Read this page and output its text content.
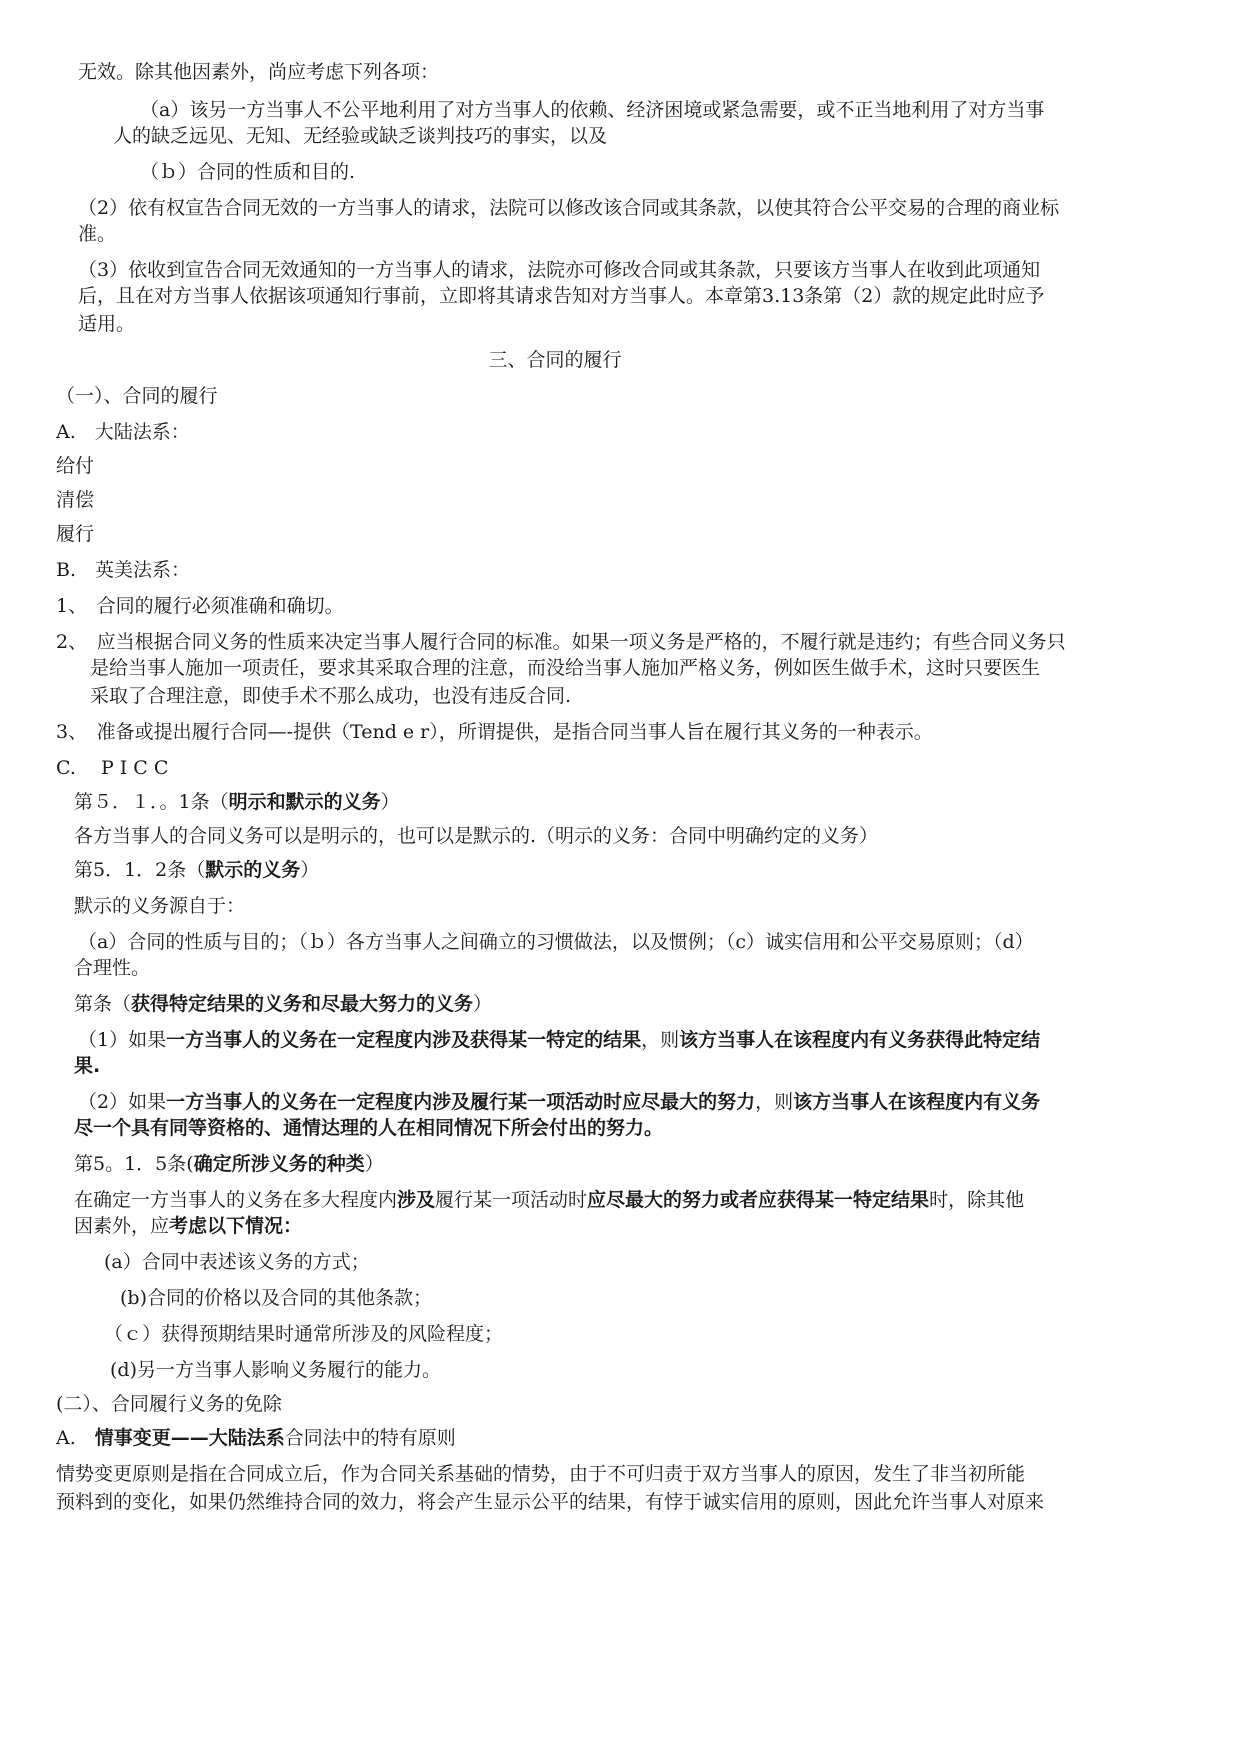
无效。除其他因素外，尚应考虑下列各项：
（a）该另一方当事人不公平地利用了对方当事人的依赖、经济困境或紧急需要，或不正当地利用了对方当事
人的缺乏远见、无知、无经验或缺乏谈判技巧的事实，以及
（ｂ）合同的性质和目的.
（2）依有权宣告合同无效的一方当事人的请求，法院可以修改该合同或其条款，以使其符合公平交易的合理的商业标
准。
（3）依收到宣告合同无效通知的一方当事人的请求，法院亦可修改合同或其条款，只要该方当事人在收到此项通知
后，且在对方当事人依据该项通知行事前，立即将其请求告知对方当事人。本章第3.13条第（2）款的规定此时应予
适用。
三、合同的履行
（一）、合同的履行
A.　大陆法系：
给付
清偿
履行
B.　英美法系：
1、　合同的履行必须准确和确切。
2、　应当根据合同义务的性质来决定当事人履行合同的标准。如果一项义务是严格的，不履行就是违约；有些合同义务只
是给当事人施加一项责任，要求其采取合理的注意，而没给当事人施加严格义务，例如医生做手术，这时只要医生
采取了合理注意，即使手术不那么成功，也没有违反合同.
3、　准备或提出履行合同—-提供（Tend e r），所谓提供，是指合同当事人旨在履行其义务的一种表示。
C.　 P I C C
第５．１．。1条（明示和默示的义务）
各方当事人的合同义务可以是明示的，也可以是默示的.（明示的义务：合同中明确约定的义务）
第5．1．2条（默示的义务）
默示的义务源自于：
（a）合同的性质与目的；（ｂ）各方当事人之间确立的习惯做法，以及惯例；（c）诚实信用和公平交易原则；（d）
合理性。
第条（获得特定结果的义务和尽最大努力的义务）
（1）如果一方当事人的义务在一定程度内涉及获得某一特定的结果，则该方当事人在该程度内有义务获得此特定结
果.
（2）如果一方当事人的义务在一定程度内涉及履行某一项活动时应尽最大的努力，则该方当事人在该程度内有义务
尽一个具有同等资格的、通情达理的人在相同情况下所会付出的努力。
第5。1．5条(确定所涉义务的种类）
在确定一方当事人的义务在多大程度内涉及履行某一项活动时应尽最大的努力或者应获得某一特定结果时，除其他
因素外，应考虑以下情况：
(a）合同中表述该义务的方式；
(b)合同的价格以及合同的其他条款；
（ｃ）获得预期结果时通常所涉及的风险程度；
(d)另一方当事人影响义务履行的能力。
(二）、合同履行义务的免除
A.　情事变更——大陆法系合同法中的特有原则
情势变更原则是指在合同成立后，作为合同关系基础的情势，由于不可归责于双方当事人的原因，发生了非当初所能
预料到的变化，如果仍然维持合同的效力，将会产生显示公平的结果，有悖于诚实信用的原则，因此允许当事人对原来
